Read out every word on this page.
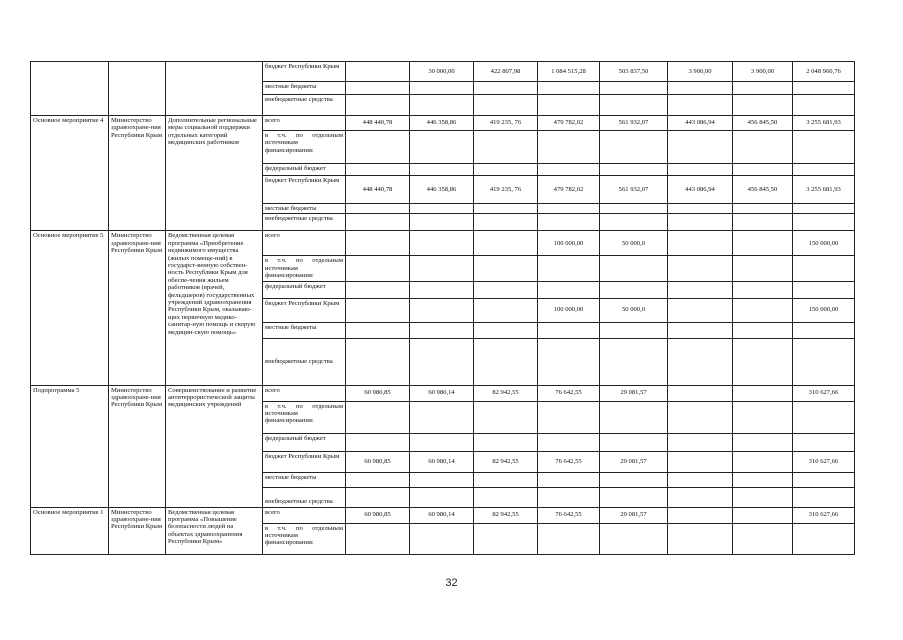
			бюджет Республики Крым		30 000,00	422 807,98	1 084 515,28	503 837,50	3 900,00	3 900,00	2 048 960,76
			местные бюджеты								
			внебюджетные средства								
Основное мероприятие 4	Министерство здравоохране-ния Республики Крым	Дополнительные региональные меры социальной поддержки отдельных категорий медицинских работников	всего	448 440,78	446 358,86	419 235, 76	479 782,02	561 932,07	443 086,94	456 845,50	3 255 681,93
			в т.ч. по отдельным источникам финансирования:								
			федеральный бюджет								
			бюджет Республики Крым	448 440,78	446 358,86	419 235, 76	479 782,02	561 932,07	443 086,94	456 845,50	3 255 681,93
			местные бюджеты								
			внебюджетные средства								
Основное мероприятие 5	Министерство здравоохране-ния Республики Крым	Ведомственная целевая программа «Приобретение недвижимого имущества (жилых помеще-ний) в государст-венную собствен-ность Республики Крым для обеспе-чения жильем работников (врачей, фельдшеров) государственных учреждений здравоохранения Республики Крым, оказываю-щих первичную медико-санитар-ную помощь и скорую медицин-скую помощь»	всего				100 000,00	50 000,0			150 000,00
			в т.ч. по отдельным источникам финансирования:								
			федеральный бюджет								
			бюджет Республики Крым				100 000,00	50 000,0			150 000,00
			местные бюджеты								
			внебюджетные средства								
Подпрограмма 5	Министерство здравоохране-ния Республики Крым	Совершенствование и развитие антитеррористической защиты медицинских учреждений	всего	60 980,85	60 980,14	82 942,55	76 642,55	29 081,57			310 627,66
			в т.ч. по отдельным источникам финансирования:								
			федеральный бюджет								
			бюджет Республики Крым	60 980,85	60 980,14	82 942,55	76 642,55	29 081,57			310 627,66
			местные бюджеты								
			внебюджетные средства								
Основное мероприятие 1	Министерство здравоохране-ния Республики Крым	Ведомственная целевая программа «Повышение безопасности людей на объектах здравоохранения Республики Крым»	всего	60 980,85	60 980,14	82 942,55	76 642,55	29 081,57			310 627,66
			в т.ч. по отдельным источникам финансирования:								
32
